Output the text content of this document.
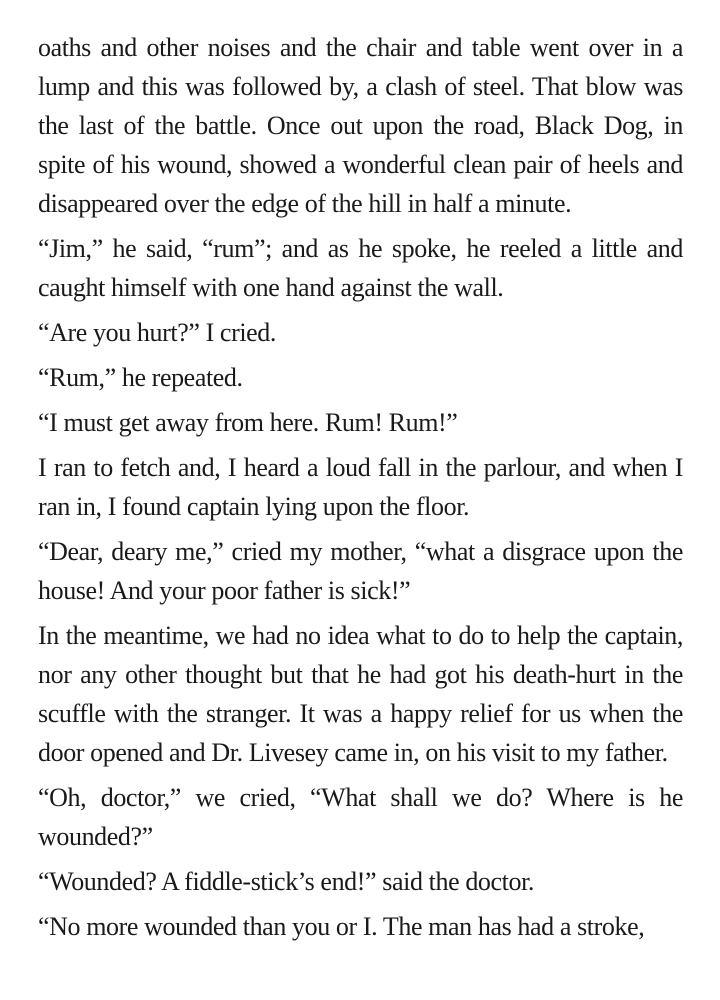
oaths and other noises and the chair and table went over in a lump and this was followed by, a clash of steel. That blow was the last of the battle. Once out upon the road, Black Dog, in spite of his wound, showed a wonderful clean pair of heels and disappeared over the edge of the hill in half a minute.

“Jim,” he said, “rum”; and as he spoke, he reeled a little and caught himself with one hand against the wall.

“Are you hurt?” I cried.

“Rum,” he repeated.

“I must get away from here. Rum! Rum!”

I ran to fetch and, I heard a loud fall in the parlour, and when I ran in, I found captain lying upon the floor.

“Dear, deary me,” cried my mother, “what a disgrace upon the house! And your poor father is sick!”

In the meantime, we had no idea what to do to help the captain, nor any other thought but that he had got his death-hurt in the scuffle with the stranger. It was a happy relief for us when the door opened and Dr. Livesey came in, on his visit to my father.

“Oh, doctor,” we cried, “What shall we do? Where is he wounded?”

“Wounded? A fiddle-stick’s end!” said the doctor.

“No more wounded than you or I. The man has had a stroke,
